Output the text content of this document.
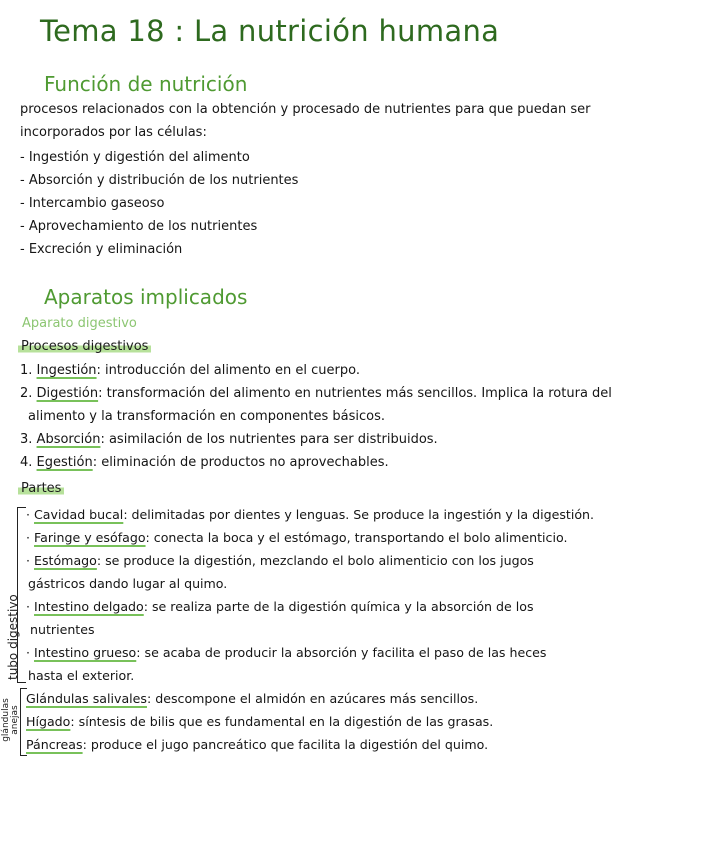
Tema 18 : La nutrición humana
Función de nutrición
procesos relacionados con la obtención y procesado de nutrientes para que puedan ser
incorporados por las células:
- Ingestión y digestión del alimento
- Absorción y distribución de los nutrientes
- Intercambio gaseoso
- Aprovechamiento de los nutrientes
- Excreción y eliminación
Aparatos implicados
Aparato digestivo
Procesos digestivos
1. Ingestión: introducción del alimento en el cuerpo.
2. Digestión: transformación del alimento en nutrientes más sencillos. Implica la rotura del
alimento y la transformación en componentes básicos.
3. Absorción: asimilación de los nutrientes para ser distribuidos.
4. Egestión: eliminación de productos no aprovechables.
Partes
tubo digestivo
· Cavidad bucal: delimitadas por dientes y lenguas. Se produce la ingestión y la digestión.
· Faringe y esófago: conecta la boca y el estómago, transportando el bolo alimenticio.
· Estómago: se produce la digestión, mezclando el bolo alimenticio con los jugos
gástricos dando lugar al quimo.
· Intestino delgado: se realiza parte de la digestión química y la absorción de los
nutrientes
· Intestino grueso: se acaba de producir la absorción y facilita el paso de las heces
hasta el exterior.
glándulas anejas
Glándulas salivales: descompone el almidón en azúcares más sencillos.
Hígado: síntesis de bilis que es fundamental en la digestión de las grasas.
Páncreas: produce el jugo pancreático que facilita la digestión del quimo.
